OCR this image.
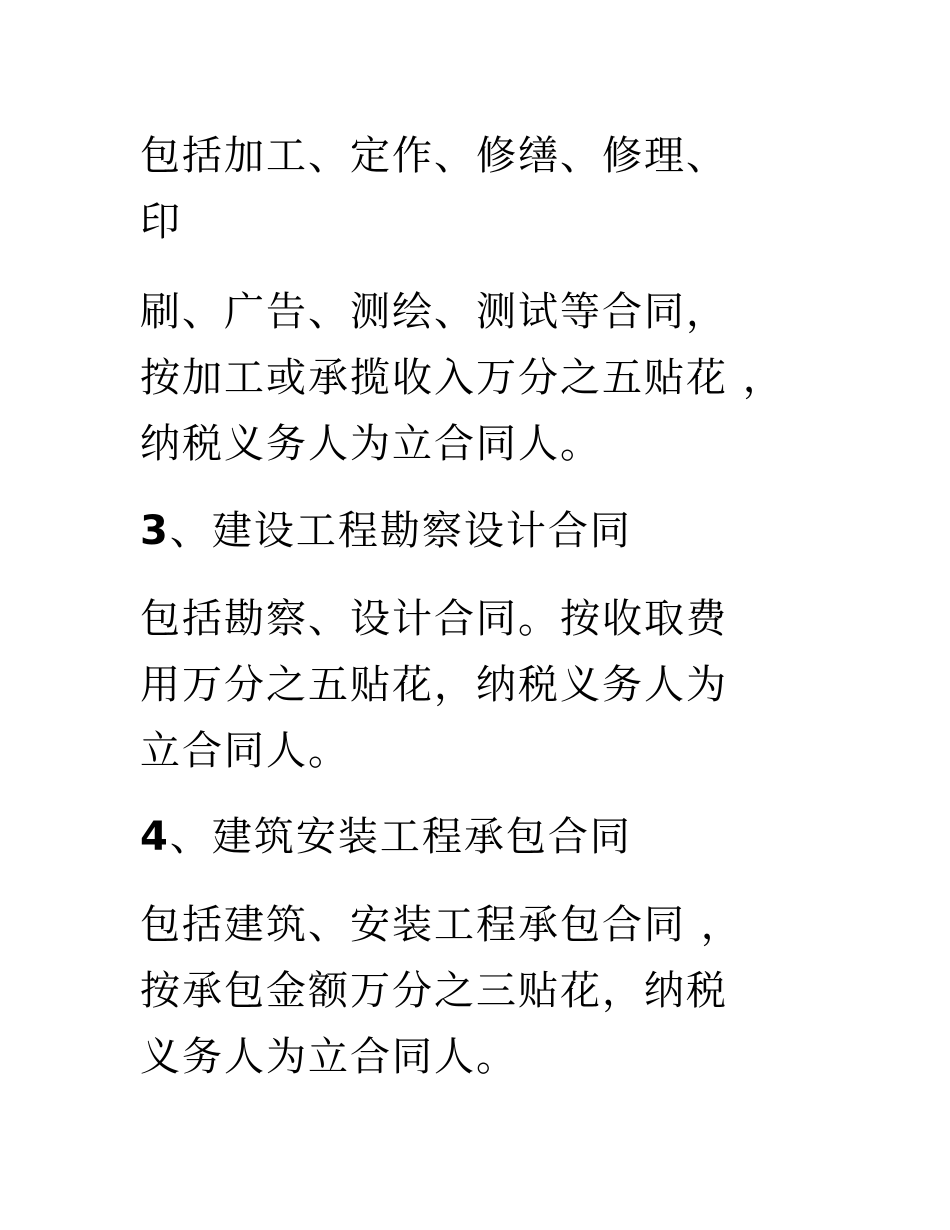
包括加工、定作、修缮、修理、
印
刷、广告、测绘、测试等合同，
按加工或承揽收入万分之五贴花 ，
纳税义务人为立合同人。
3、建设工程勘察设计合同
包括勘察、设计合同。按收取费
用万分之五贴花，纳税义务人为
立合同人。
4、建筑安装工程承包合同
包括建筑、安装工程承包合同 ，
按承包金额万分之三贴花，纳税
义务人为立合同人。
